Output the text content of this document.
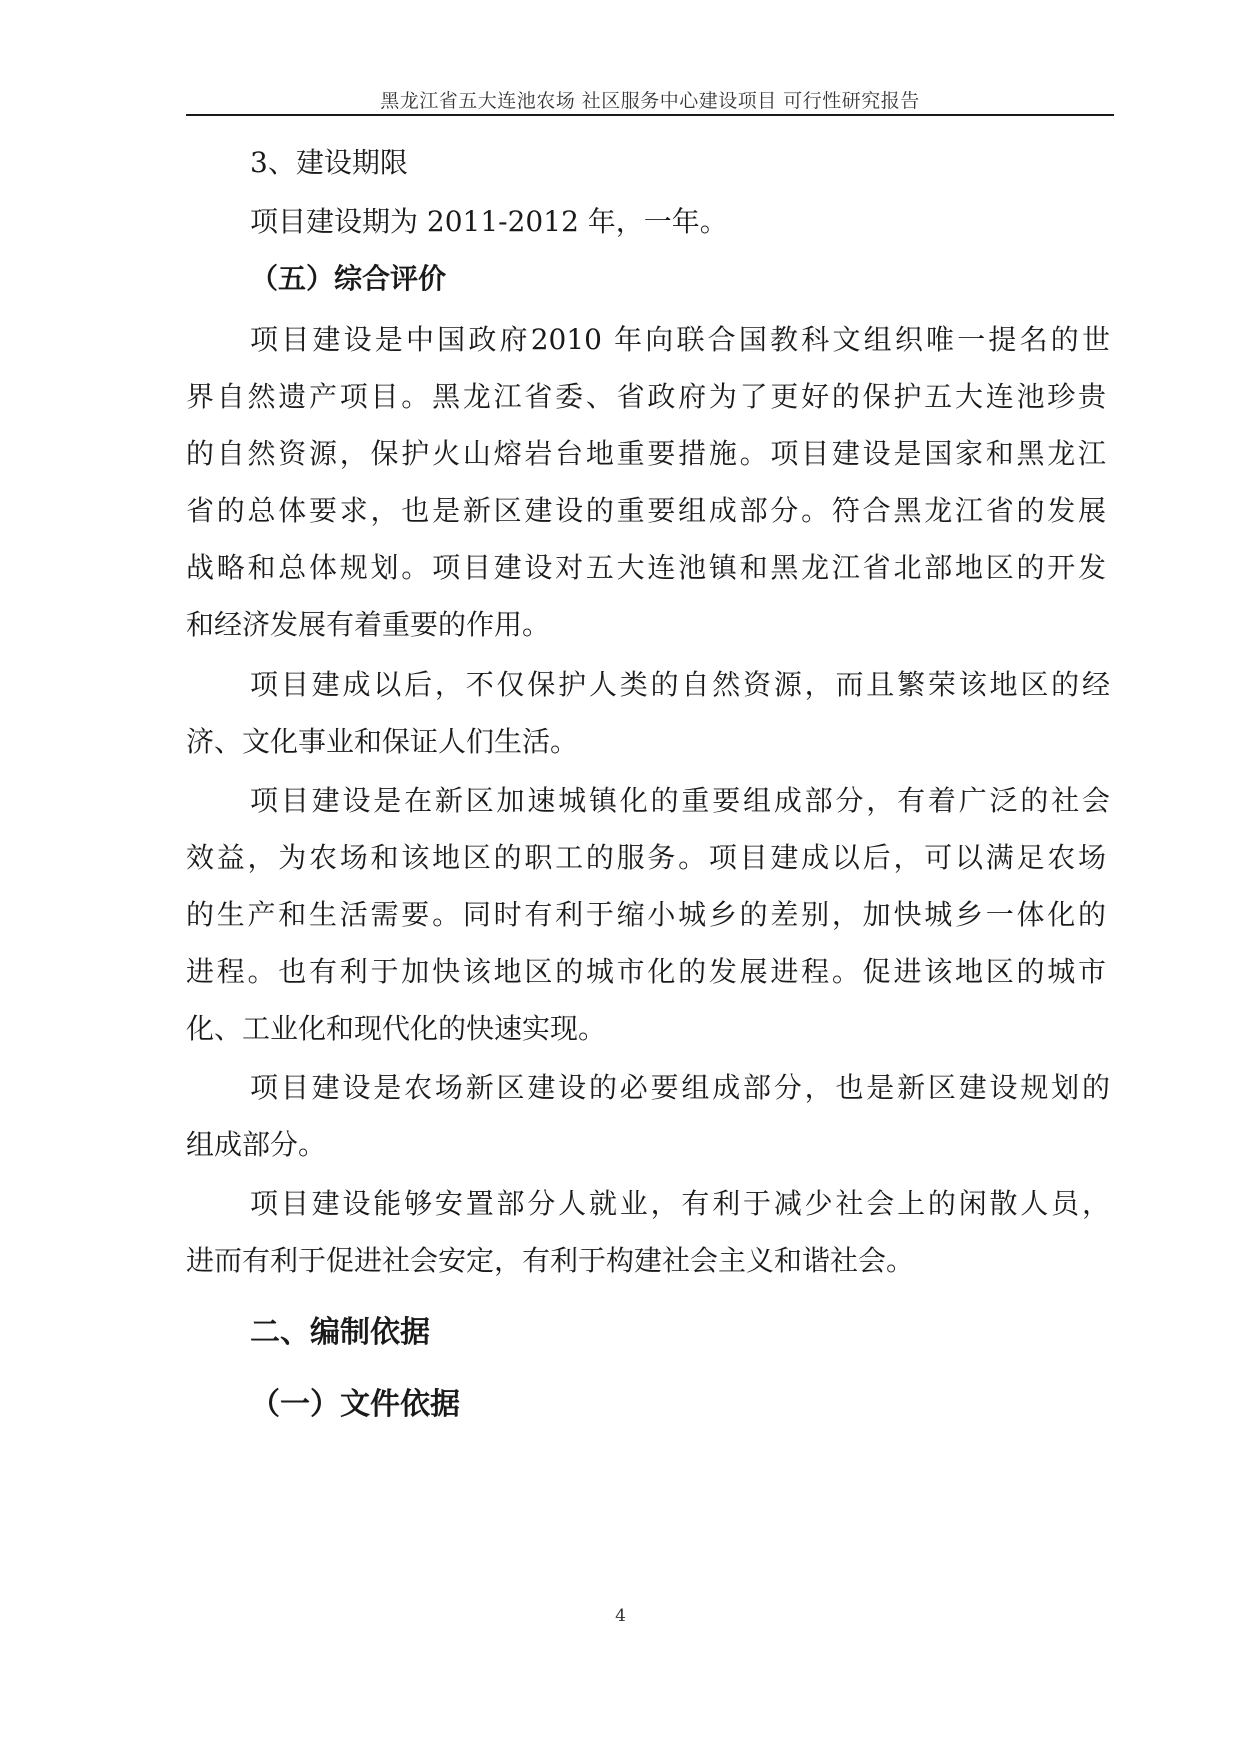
黑龙江省五大连池农场 社区服务中心建设项目 可行性研究报告
3、建设期限
项目建设期为 2011-2012 年，一年。
（五）综合评价
项目建设是中国政府2010 年向联合国教科文组织唯一提名的世
界自然遗产项目。黑龙江省委、省政府为了更好的保护五大连池珍贵
的自然资源，保护火山熔岩台地重要措施。项目建设是国家和黑龙江
省的总体要求，也是新区建设的重要组成部分。符合黑龙江省的发展
战略和总体规划。项目建设对五大连池镇和黑龙江省北部地区的开发
和经济发展有着重要的作用。
项目建成以后，不仅保护人类的自然资源，而且繁荣该地区的经
济、文化事业和保证人们生活。
项目建设是在新区加速城镇化的重要组成部分，有着广泛的社会
效益，为农场和该地区的职工的服务。项目建成以后，可以满足农场
的生产和生活需要。同时有利于缩小城乡的差别，加快城乡一体化的
进程。也有利于加快该地区的城市化的发展进程。促进该地区的城市
化、工业化和现代化的快速实现。
项目建设是农场新区建设的必要组成部分，也是新区建设规划的
组成部分。
项目建设能够安置部分人就业，有利于减少社会上的闲散人员，
进而有利于促进社会安定，有利于构建社会主义和谐社会。
二、编制依据
（一）文件依据
4
